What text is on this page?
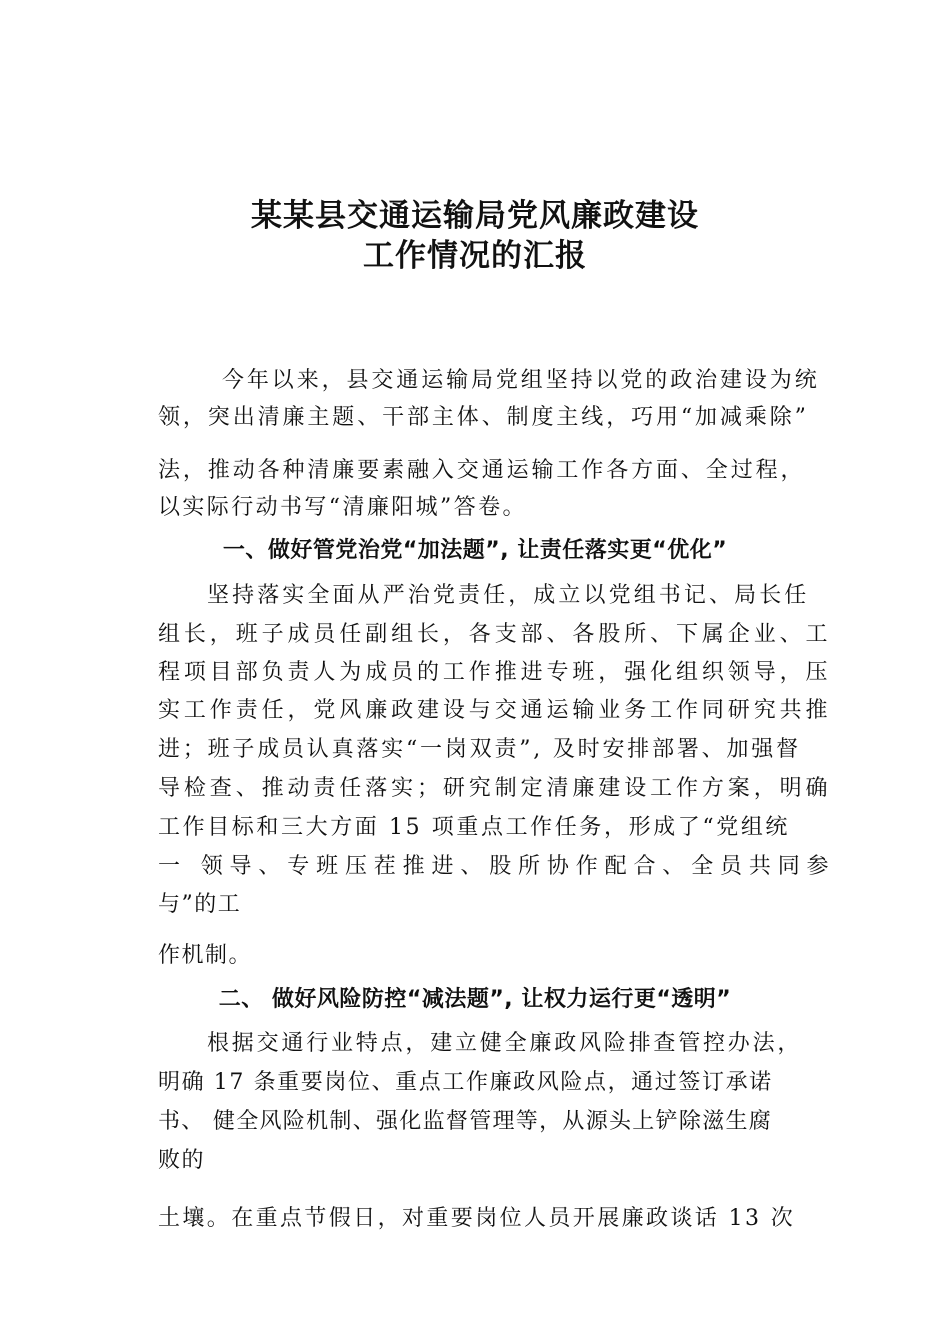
某某县交通运输局党风廉政建设
工作情况的汇报
今年以来，县交通运输局党组坚持以党的政治建设为统
领，突出清廉主题、干部主体、制度主线，巧用“加减乘除”
法，推动各种清廉要素融入交通运输工作各方面、全过程，
以实际行动书写“清廉阳城”答卷。
一、做好管党治党“加法题”, 让责任落实更“优化”
坚持落实全面从严治党责任，成立以党组书记、局长任
组长，班子成员任副组长，各支部、各股所、下属企业、工
程项目部负责人为成员的工作推进专班，强化组织领导，压
实工作责任，党风廉政建设与交通运输业务工作同研究共推
进；班子成员认真落实“一岗双责”, 及时安排部署、加强督
导检查、推动责任落实；研究制定清廉建设工作方案，明确
工作目标和三大方面 15 项重点工作任务，形成了“党组统
一 领导、专班压茬推进、股所协作配合、全员共同参
与”的工
作机制。
二、 做好风险防控“减法题”, 让权力运行更“透明”
根据交通行业特点，建立健全廉政风险排查管控办法，
明确 17 条重要岗位、重点工作廉政风险点，通过签订承诺
书、 健全风险机制、强化监督管理等，从源头上铲除滋生腐
败的
土壤。在重点节假日，对重要岗位人员开展廉政谈话 13 次
